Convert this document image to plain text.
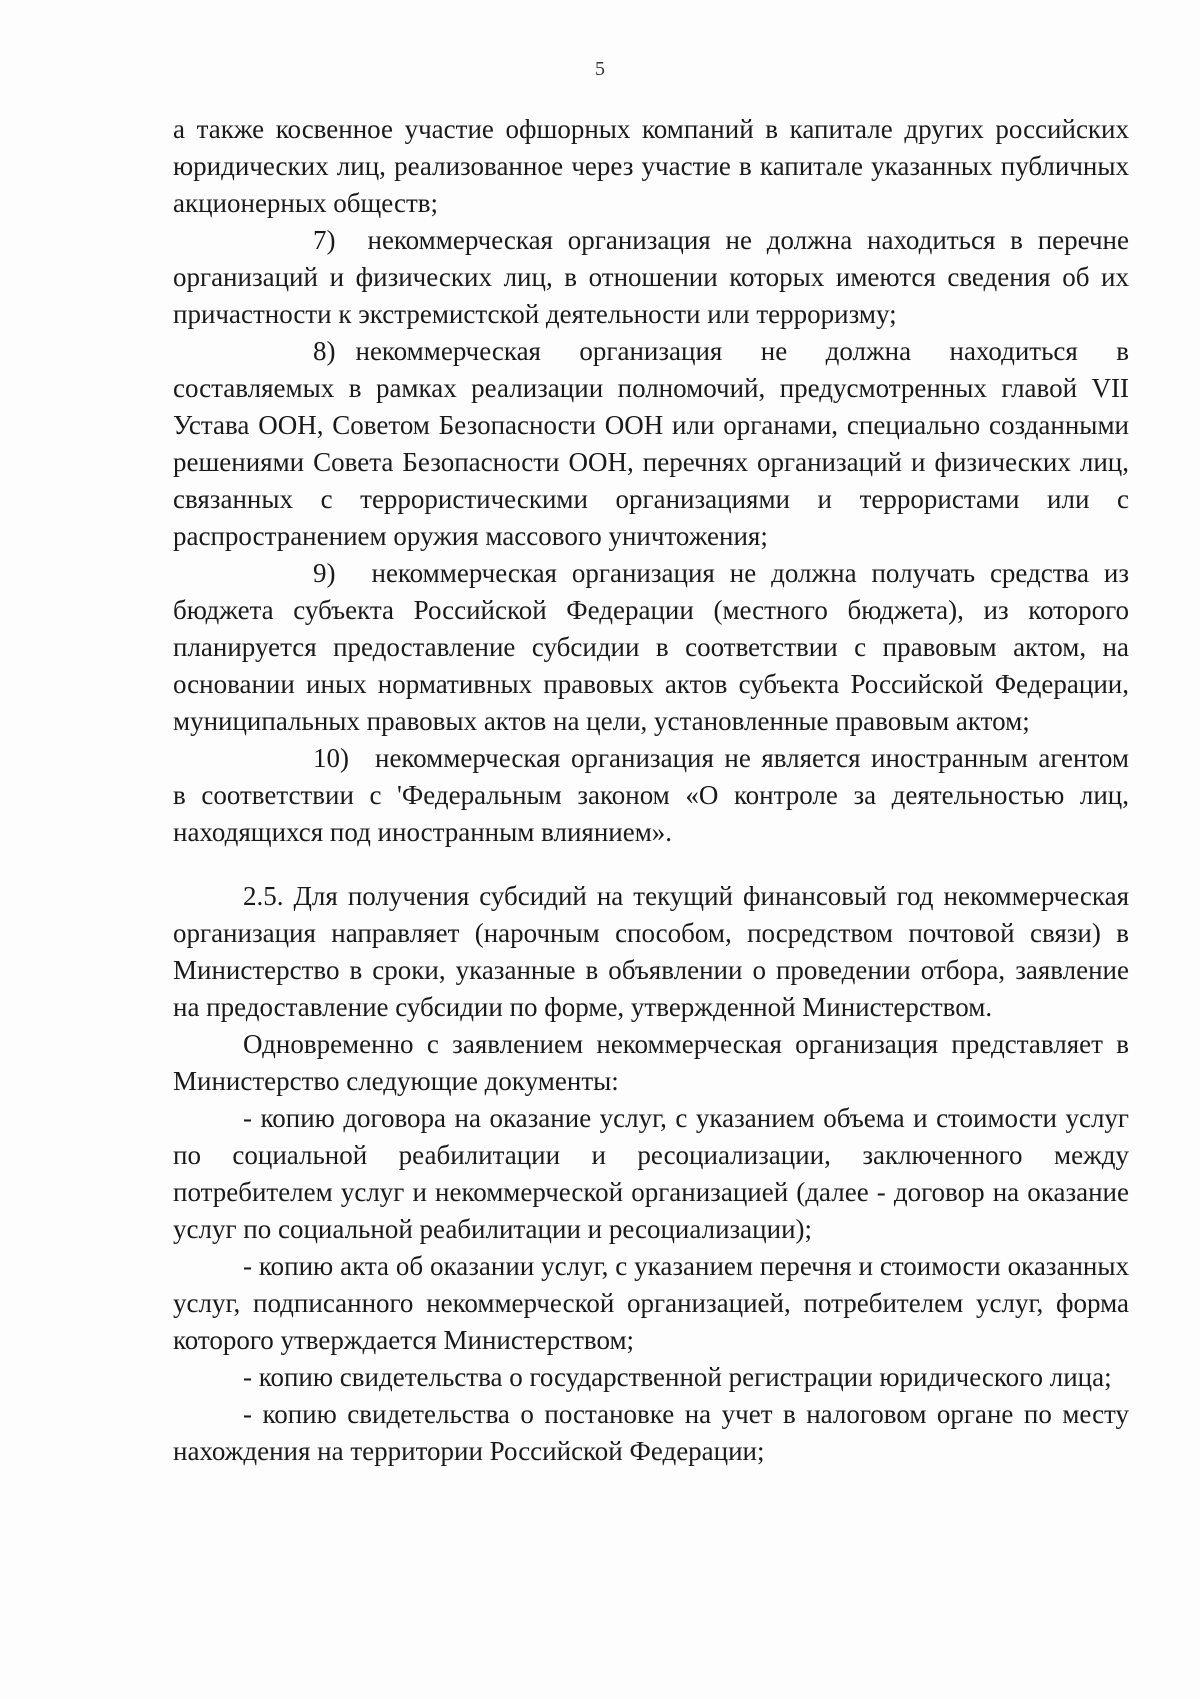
5

а также косвенное участие офшорных компаний в капитале других российских юридических лиц, реализованное через участие в капитале указанных публичных акционерных обществ;

7) некоммерческая организация не должна находиться в перечне организаций и физических лиц, в отношении которых имеются сведения об их причастности к экстремистской деятельности или терроризму;

8) некоммерческая организация не должна находиться в составляемых в рамках реализации полномочий, предусмотренных главой VII Устава ООН, Советом Безопасности ООН или органами, специально созданными решениями Совета Безопасности ООН, перечнях организаций и физических лиц, связанных с террористическими организациями и террористами или с распространением оружия массового уничтожения;

9) некоммерческая организация не должна получать средства из бюджета субъекта Российской Федерации (местного бюджета), из которого планируется предоставление субсидии в соответствии с правовым актом, на основании иных нормативных правовых актов субъекта Российской Федерации, муниципальных правовых актов на цели, установленные правовым актом;

10) некоммерческая организация не является иностранным агентом в соответствии с 'Федеральным законом «О контроле за деятельностью лиц, находящихся под иностранным влиянием».

2.5. Для получения субсидий на текущий финансовый год некоммерческая организация направляет (нарочным способом, посредством почтовой связи) в Министерство в сроки, указанные в объявлении о проведении отбора, заявление на предоставление субсидии по форме, утвержденной Министерством.

Одновременно с заявлением некоммерческая организация представляет в Министерство следующие документы:

- копию договора на оказание услуг, с указанием объема и стоимости услуг по социальной реабилитации и ресоциализации, заключенного между потребителем услуг и некоммерческой организацией (далее - договор на оказание услуг по социальной реабилитации и ресоциализации);

- копию акта об оказании услуг, с указанием перечня и стоимости оказанных услуг, подписанного некоммерческой организацией, потребителем услуг, форма которого утверждается Министерством;

- копию свидетельства о государственной регистрации юридического лица;

- копию свидетельства о постановке на учет в налоговом органе по месту нахождения на территории Российской Федерации;
